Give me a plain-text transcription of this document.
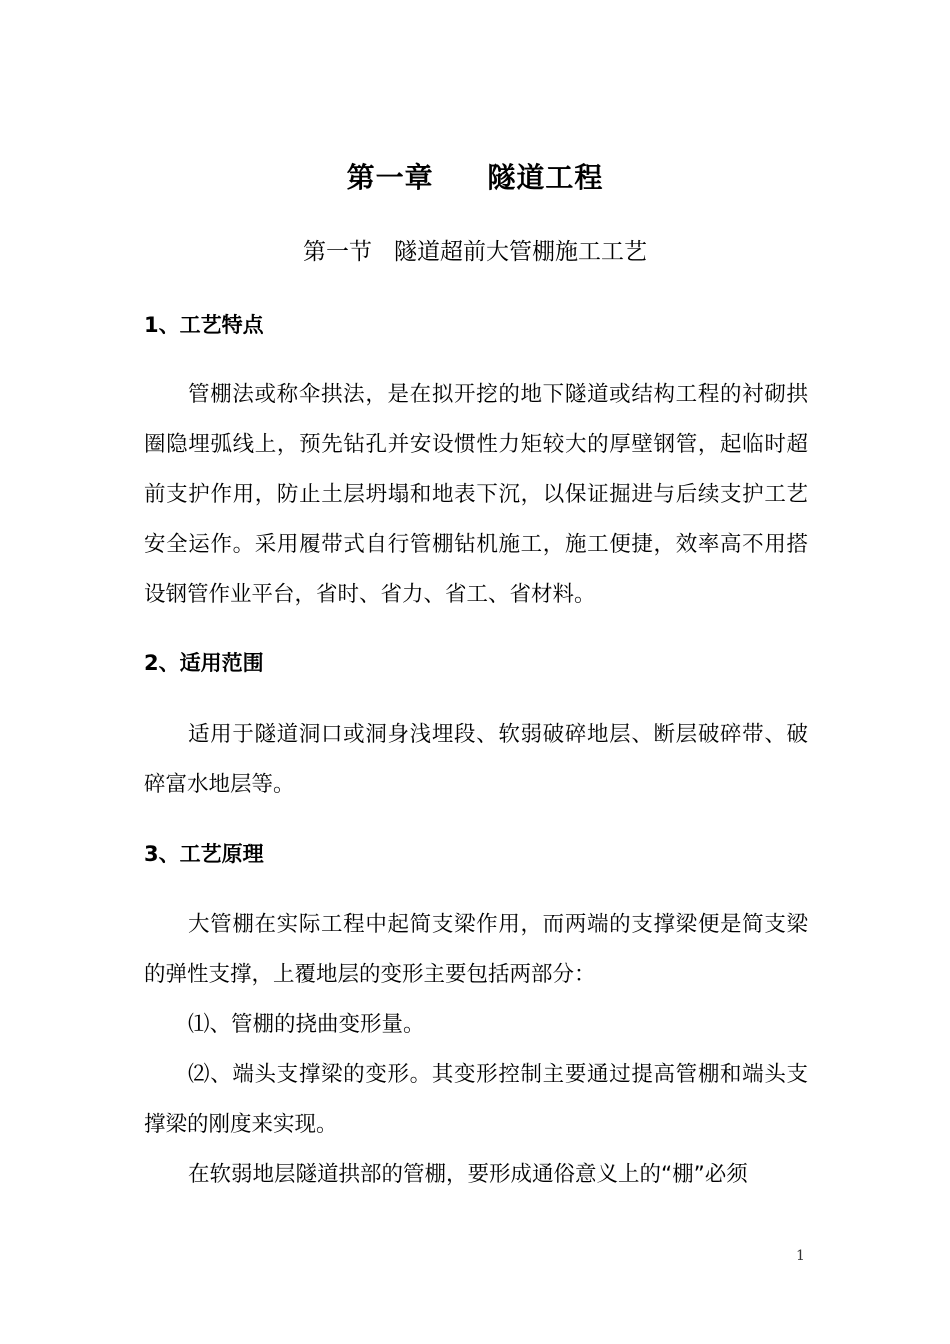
第一章     隧道工程
第一节   隧道超前大管棚施工工艺
1、工艺特点

管棚法或称伞拱法，是在拟开挖的地下隧道或结构工程的衬砌拱圈隐埋弧线上，预先钻孔并安设惯性力矩较大的厚壁钢管，起临时超前支护作用，防止土层坍塌和地表下沉，以保证掘进与后续支护工艺安全运作。采用履带式自行管棚钻机施工，施工便捷，效率高不用搭设钢管作业平台，省时、省力、省工、省材料。

2、适用范围

适用于隧道洞口或洞身浅埋段、软弱破碎地层、断层破碎带、破碎富水地层等。

3、工艺原理

大管棚在实际工程中起简支梁作用，而两端的支撑梁便是简支梁的弹性支撑，上覆地层的变形主要包括两部分：

⑴、管棚的挠曲变形量。

⑵、端头支撑梁的变形。其变形控制主要通过提高管棚和端头支撑梁的刚度来实现。

在软弱地层隧道拱部的管棚，要形成通俗意义上的“棚”必须

1
